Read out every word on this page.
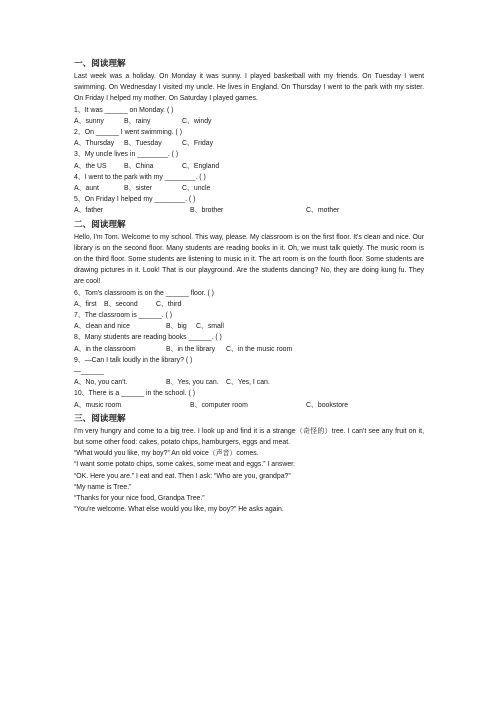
一、阅读理解
Last week was a holiday. On Monday it was sunny. I played basketball with my friends. On Tuesday I went swimming. On Wednesday I visited my uncle. He lives in England. On Thursday I went to the park with my sister. On Friday I helped my mother. On Saturday I played games.
1、It was ______ on Monday. ( )
A、sunny	B、rainy	C、windy
2、On ______ I went swimming. ( )
A、Thursday B、Tuesday	C、Friday
3、My uncle lives in ________. ( )
A、the US	B、China	C、England
4、I went to the park with my ________. ( )
A、aunt	B、sister	C、uncle
5、On Friday I helped my ________. ( )
A、father	B、brother	C、mother
二、阅读理解
Hello, I'm Tom. Welcome to my school. This way, please. My classroom is on the first floor. It's clean and nice. Our library is on the second floor. Many students are reading books in it. Oh, we must talk quietly. The music room is on the third floor. Some students are listening to music in it. The art room is on the fourth floor. Some students are drawing pictures in it. Look! That is our playground. Are the students dancing? No, they are doing kung fu. They are cool!
6、Tom's classroom is on the ______ floor. ( )
A、first B、second	C、third
7、The classroom is ______. ( )
A、clean and nice	B、big C、small
8、Many students are reading books ______. ( )
A、in the classroom	B、in the library C、in the music room
9、—Can I talk loudly in the library? ( )
—______
A、No, you can't.	B、Yes, you can. C、Yes, I can.
10、There is a ______ in the school. ( )
A、music room	B、computer room	C、bookstore
三、阅读理解
I'm very hungry and come to a big tree. I look up and find it is a strange（奇怪的）tree. I can't see any fruit on it, but some other food: cakes, potato chips, hamburgers, eggs and meat.
“What would you like, my boy?” An old voice（声音）comes.
“I want some potato chips, some cakes, some meat and eggs.” I answer.
“OK. Here you are.” I eat and eat. Then I ask: “Who are you, grandpa?”
“My name is Tree.”
“Thanks for your nice food, Grandpa Tree.”
“You're welcome. What else would you like, my boy?” He asks again.
